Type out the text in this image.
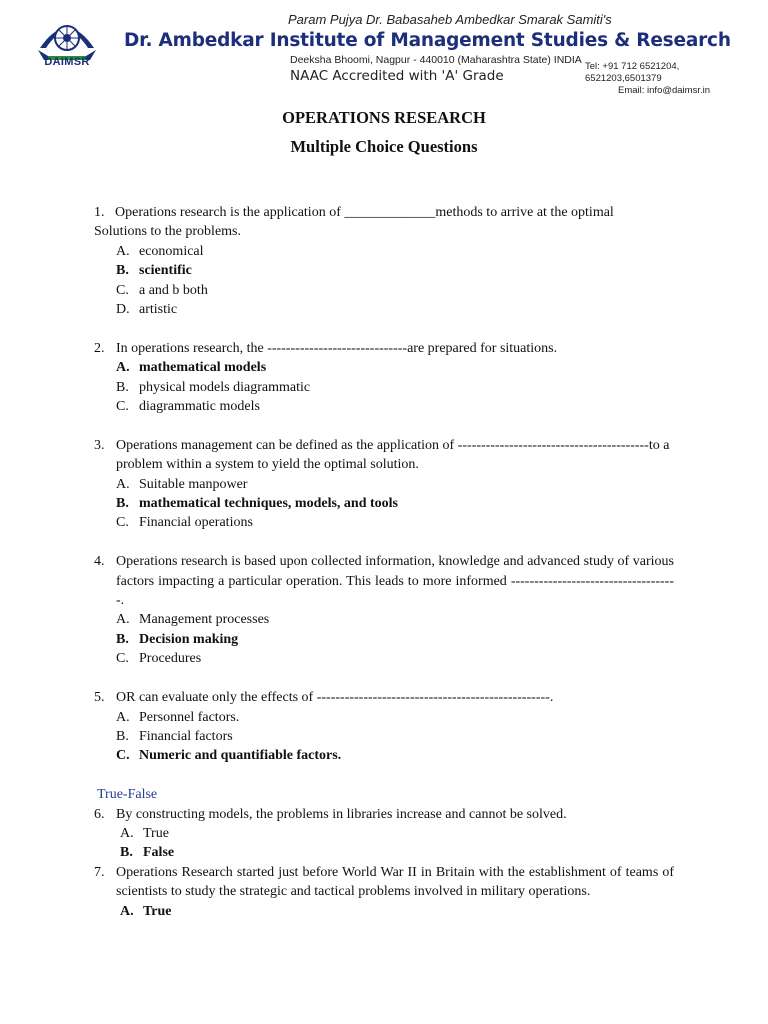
DAIMSR
Param Pujya Dr. Babasaheb Ambedkar Smarak Samiti's
Dr. Ambedkar Institute of Management Studies & Research
Deeksha Bhoomi, Nagpur - 440010 (Maharashtra State) INDIA
NAAC Accredited with 'A' Grade
Tel: +91 712 6521204, 6521203,6501379
Email: info@daimsr.in
OPERATIONS RESEARCH
Multiple Choice Questions
1. Operations research is the application of _____________methods to arrive at the optimal
Solutions to the problems.
A. economical
B. scientific
C. a and b both
D. artistic
2. In operations research, the ------------------------------are prepared for situations.
A. mathematical models
B. physical models diagrammatic
C. diagrammatic models
3. Operations management can be defined as the application of -----------------------------------------to a problem within a system to yield the optimal solution.
A. Suitable manpower
B. mathematical techniques, models, and tools
C. Financial operations
4. Operations research is based upon collected information, knowledge and advanced study of various factors impacting a particular operation. This leads to more informed ------------------------------------.
A. Management processes
B. Decision making
C. Procedures
5. OR can evaluate only the effects of --------------------------------------------------.
A. Personnel factors.
B. Financial factors
C. Numeric and quantifiable factors.
True-False
6. By constructing models, the problems in libraries increase and cannot be solved.
A. True
B. False
7. Operations Research started just before World War II in Britain with the establishment of teams of scientists to study the strategic and tactical problems involved in military operations.
A. True
